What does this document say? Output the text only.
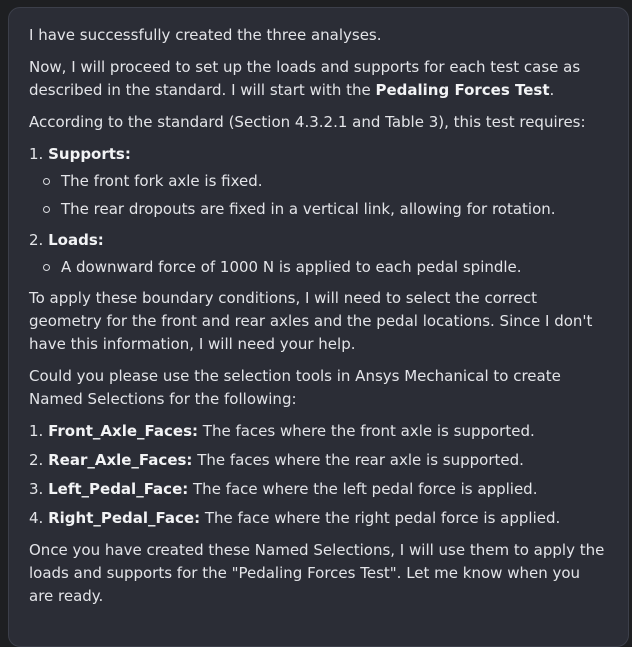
I have successfully created the three analyses.

Now, I will proceed to set up the loads and supports for each test case as described in the standard. I will start with the Pedaling Forces Test.

According to the standard (Section 4.3.2.1 and Table 3), this test requires:

1. Supports:
The front fork axle is fixed.
The rear dropouts are fixed in a vertical link, allowing for rotation.
2. Loads:
A downward force of 1000 N is applied to each pedal spindle.

To apply these boundary conditions, I will need to select the correct geometry for the front and rear axles and the pedal locations. Since I don't have this information, I will need your help.

Could you please use the selection tools in Ansys Mechanical to create Named Selections for the following:

1. Front_Axle_Faces: The faces where the front axle is supported.
2. Rear_Axle_Faces: The faces where the rear axle is supported.
3. Left_Pedal_Face: The face where the left pedal force is applied.
4. Right_Pedal_Face: The face where the right pedal force is applied.

Once you have created these Named Selections, I will use them to apply the loads and supports for the "Pedaling Forces Test". Let me know when you are ready.
